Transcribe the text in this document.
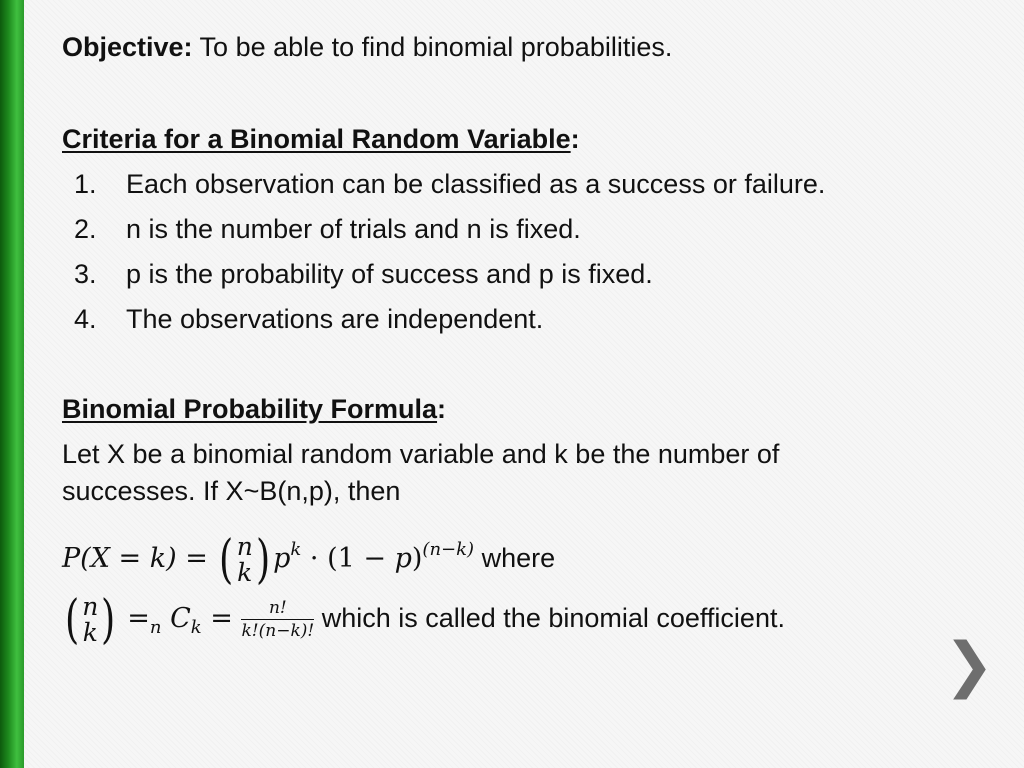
Objective: To be able to find binomial probabilities.
Criteria for a Binomial Random Variable:
1.	Each observation can be classified as a success or failure.
2.	n is the number of trials and n is fixed.
3.	p is the probability of success and p is fixed.
4.	The observations are independent.
Binomial Probability Formula:
Let X be a binomial random variable and k be the number of
successes. If X~B(n,p), then
P(X = k) = ( n
k ) $p^k \cdot (1 - p)^{(n-k)}$ where
( n
k ) $=_n$ $C_k = \frac{n!}{k!(n-k)!}$ which is called the binomial coefficient.
❯
